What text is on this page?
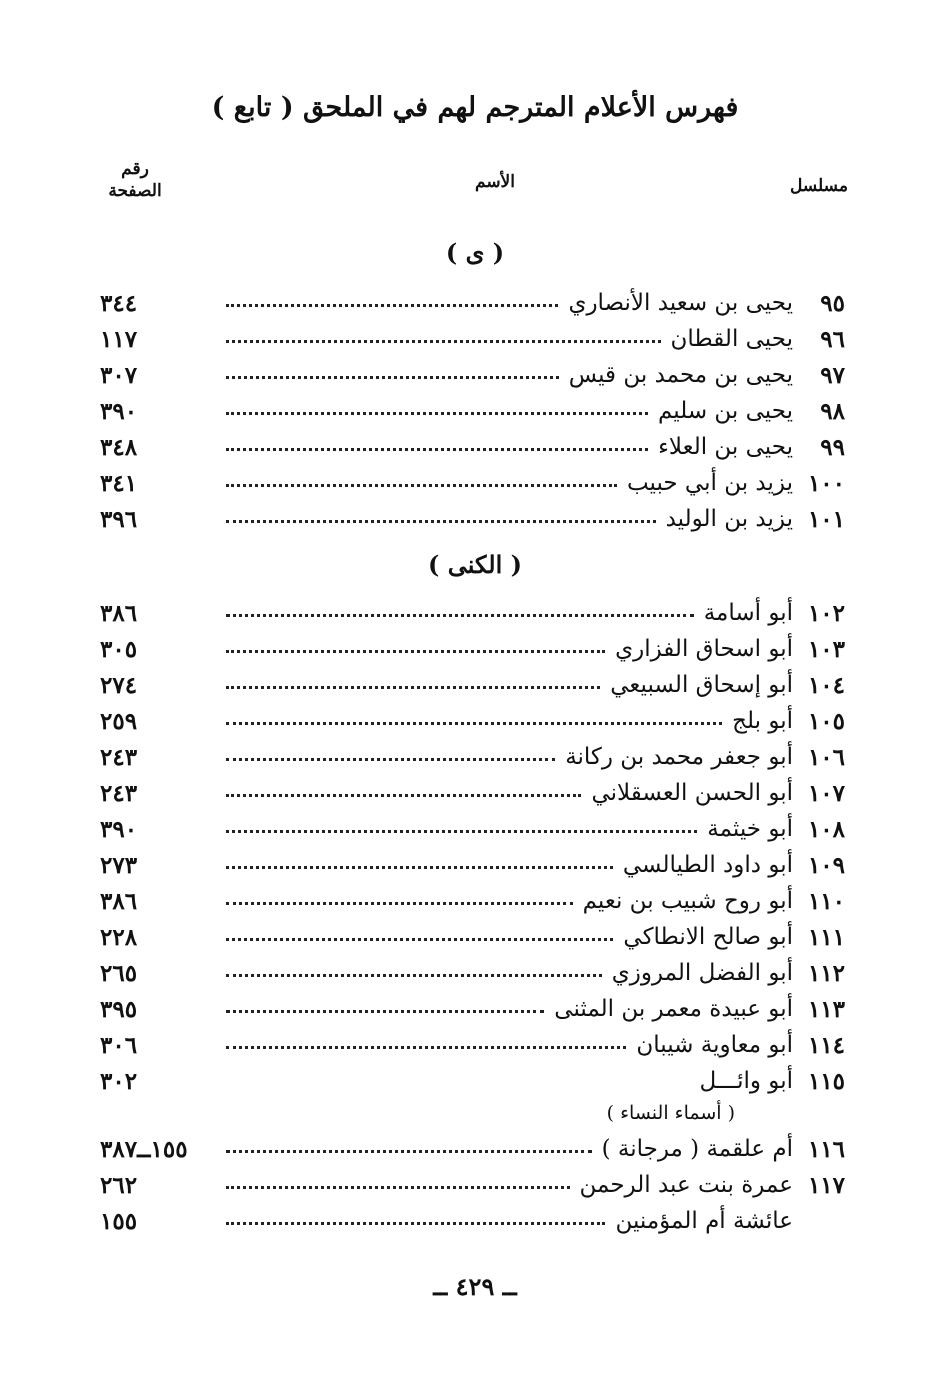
( تابع ) فهرس الأعلام المترجم لهم في الملحق
مسلسل
الأسم
رقم
الصفحة
( ى )
٩٥
يحيى بن سعيد الأنصاري
٣٤٤
٩٦
يحيى القطان
١١٧
٩٧
يحيى بن محمد بن قيس
٣٠٧
٩٨
يحيى بن سليم
٣٩٠
٩٩
يحيى بن العلاء
٣٤٨
١٠٠
يزيد بن أبي حبيب
٣٤١
١٠١
يزيد بن الوليد
٣٩٦
( الكنى )
١٠٢
أبو أسامة
٣٨٦
١٠٣
أبو اسحاق الفزاري
٣٠٥
١٠٤
أبو إسحاق السبيعي
٢٧٤
١٠٥
أبو بلج
٢٥٩
١٠٦
أبو جعفر محمد بن ركانة
٢٤٣
١٠٧
أبو الحسن العسقلاني
٢٤٣
١٠٨
أبو خيثمة
٣٩٠
١٠٩
أبو داود الطيالسي
٢٧٣
١١٠
أبو روح شبيب بن نعيم
٣٨٦
١١١
أبو صالح الانطاكي
٢٢٨
١١٢
أبو الفضل المروزي
٢٦٥
١١٣
أبو عبيدة معمر بن المثنى
٣٩٥
١١٤
أبو معاوية شيبان
٣٠٦
١١٥
أبو وائـــل
٣٠٢
( أسماء النساء )
١١٦
أم علقمة ( مرجانة )
١٥٥ــ٣٨٧
١١٧
عمرة بنت عبد الرحمن
٢٦٢
عائشة أم المؤمنين
١٥٥
ــ ٤٢٩ ــ
